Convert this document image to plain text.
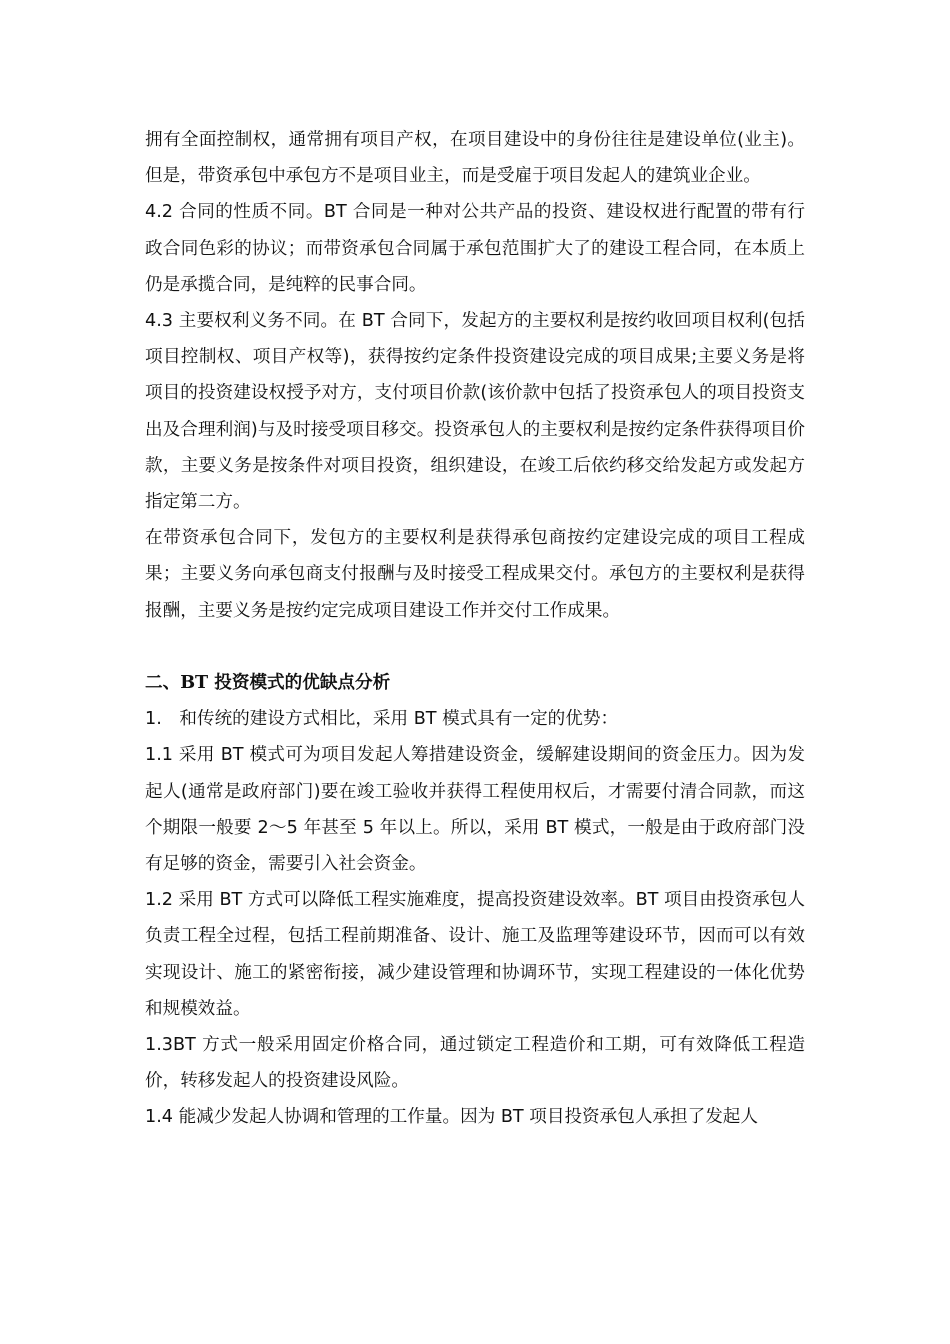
拥有全面控制权，通常拥有项目产权，在项目建设中的身份往往是建设单位(业主)。但是，带资承包中承包方不是项目业主，而是受雇于项目发起人的建筑业企业。

4.2 合同的性质不同。BT 合同是一种对公共产品的投资、建设权进行配置的带有行政合同色彩的协议；而带资承包合同属于承包范围扩大了的建设工程合同，在本质上仍是承揽合同，是纯粹的民事合同。

4.3 主要权利义务不同。在 BT 合同下，发起方的主要权利是按约收回项目权利(包括项目控制权、项目产权等)，获得按约定条件投资建设完成的项目成果;主要义务是将项目的投资建设权授予对方，支付项目价款(该价款中包括了投资承包人的项目投资支出及合理利润)与及时接受项目移交。投资承包人的主要权利是按约定条件获得项目价款，主要义务是按条件对项目投资，组织建设，在竣工后依约移交给发起方或发起方指定第二方。

在带资承包合同下，发包方的主要权利是获得承包商按约定建设完成的项目工程成果；主要义务向承包商支付报酬与及时接受工程成果交付。承包方的主要权利是获得报酬，主要义务是按约定完成项目建设工作并交付工作成果。

二、BT 投资模式的优缺点分析

1.　和传统的建设方式相比，采用 BT 模式具有一定的优势：

1.1 采用 BT 模式可为项目发起人筹措建设资金，缓解建设期间的资金压力。因为发起人(通常是政府部门)要在竣工验收并获得工程使用权后，才需要付清合同款，而这个期限一般要 2～5 年甚至 5 年以上。所以，采用 BT 模式，一般是由于政府部门没有足够的资金，需要引入社会资金。

1.2 采用 BT 方式可以降低工程实施难度，提高投资建设效率。BT 项目由投资承包人负责工程全过程，包括工程前期准备、设计、施工及监理等建设环节，因而可以有效实现设计、施工的紧密衔接，减少建设管理和协调环节，实现工程建设的一体化优势和规模效益。

1.3BT 方式一般采用固定价格合同，通过锁定工程造价和工期，可有效降低工程造价，转移发起人的投资建设风险。

1.4 能减少发起人协调和管理的工作量。因为 BT 项目投资承包人承担了发起人
